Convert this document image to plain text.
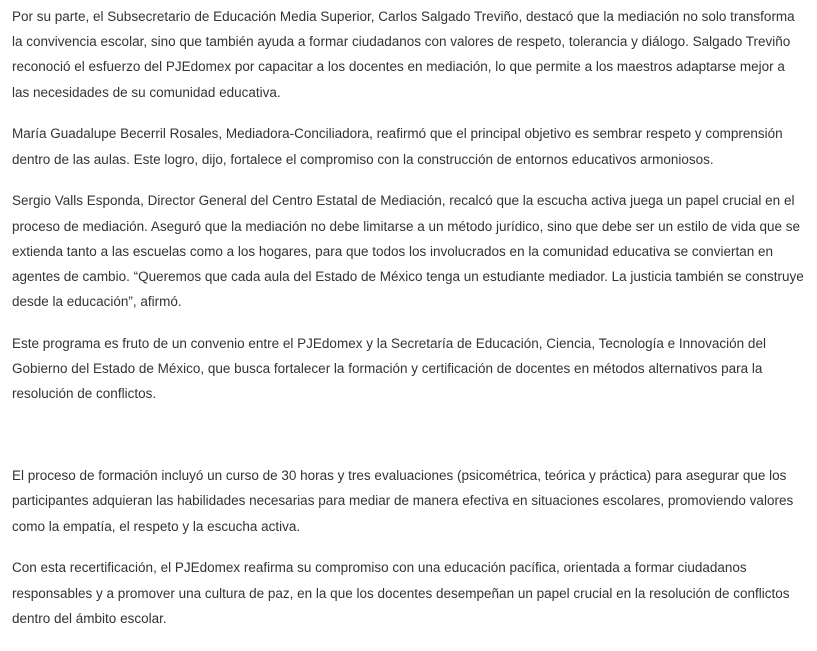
Por su parte, el Subsecretario de Educación Media Superior, Carlos Salgado Treviño, destacó que la mediación no solo transforma la convivencia escolar, sino que también ayuda a formar ciudadanos con valores de respeto, tolerancia y diálogo. Salgado Treviño reconoció el esfuerzo del PJEdomex por capacitar a los docentes en mediación, lo que permite a los maestros adaptarse mejor a las necesidades de su comunidad educativa.

María Guadalupe Becerril Rosales, Mediadora-Conciliadora, reafirmó que el principal objetivo es sembrar respeto y comprensión dentro de las aulas. Este logro, dijo, fortalece el compromiso con la construcción de entornos educativos armoniosos.

Sergio Valls Esponda, Director General del Centro Estatal de Mediación, recalcó que la escucha activa juega un papel crucial en el proceso de mediación. Aseguró que la mediación no debe limitarse a un método jurídico, sino que debe ser un estilo de vida que se extienda tanto a las escuelas como a los hogares, para que todos los involucrados en la comunidad educativa se conviertan en agentes de cambio. “Queremos que cada aula del Estado de México tenga un estudiante mediador. La justicia también se construye desde la educación”, afirmó.

Este programa es fruto de un convenio entre el PJEdomex y la Secretaría de Educación, Ciencia, Tecnología e Innovación del Gobierno del Estado de México, que busca fortalecer la formación y certificación de docentes en métodos alternativos para la resolución de conflictos.

El proceso de formación incluyó un curso de 30 horas y tres evaluaciones (psicométrica, teórica y práctica) para asegurar que los participantes adquieran las habilidades necesarias para mediar de manera efectiva en situaciones escolares, promoviendo valores como la empatía, el respeto y la escucha activa.

Con esta recertificación, el PJEdomex reafirma su compromiso con una educación pacífica, orientada a formar ciudadanos responsables y a promover una cultura de paz, en la que los docentes desempeñan un papel crucial en la resolución de conflictos dentro del ámbito escolar.
